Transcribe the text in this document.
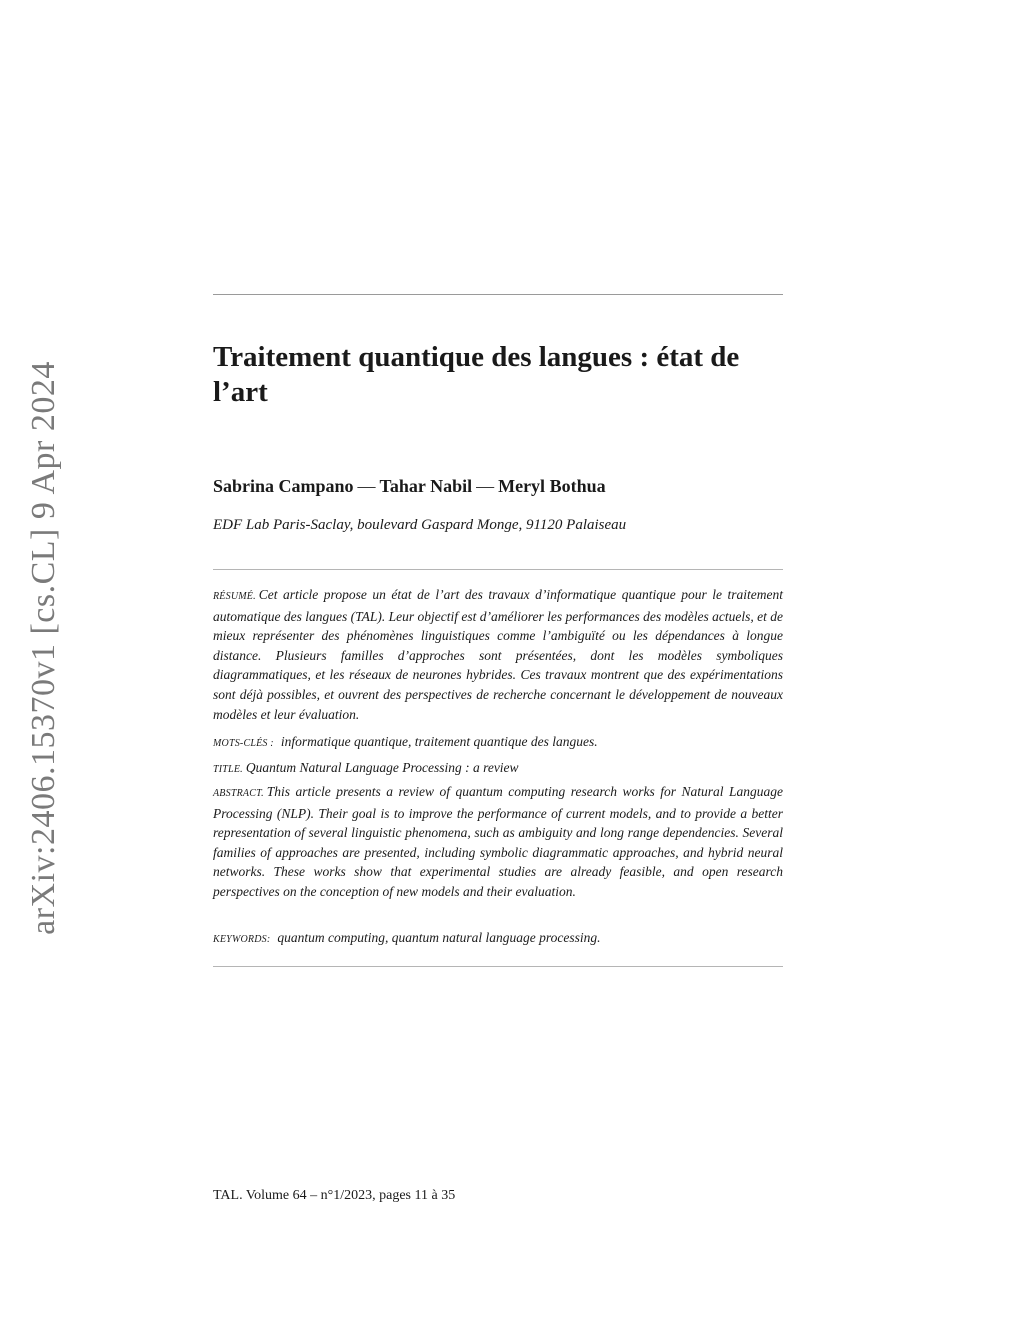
arXiv:2406.15370v1 [cs.CL] 9 Apr 2024
Traitement quantique des langues : état de l’art
Sabrina Campano — Tahar Nabil — Meryl Bothua
EDF Lab Paris-Saclay, boulevard Gaspard Monge, 91120 Palaiseau

RÉSUMÉ. Cet article propose un état de l’art des travaux d’informatique quantique pour le traitement automatique des langues (TAL). Leur objectif est d’améliorer les performances des modèles actuels, et de mieux représenter des phénomènes linguistiques comme l’ambiguïté ou les dépendances à longue distance. Plusieurs familles d’approches sont présentées, dont les modèles symboliques diagrammatiques, et les réseaux de neurones hybrides. Ces travaux montrent que des expérimentations sont déjà possibles, et ouvrent des perspectives de recherche concernant le développement de nouveaux modèles et leur évaluation.

MOTS-CLÉS : informatique quantique, traitement quantique des langues.

TITLE. Quantum Natural Language Processing : a review

ABSTRACT. This article presents a review of quantum computing research works for Natural Language Processing (NLP). Their goal is to improve the performance of current models, and to provide a better representation of several linguistic phenomena, such as ambiguity and long range dependencies. Several families of approaches are presented, including symbolic diagrammatic approaches, and hybrid neural networks. These works show that experimental studies are already feasible, and open research perspectives on the conception of new models and their evaluation.

KEYWORDS: quantum computing, quantum natural language processing.

TAL. Volume 64 – n°1/2023, pages 11 à 35
